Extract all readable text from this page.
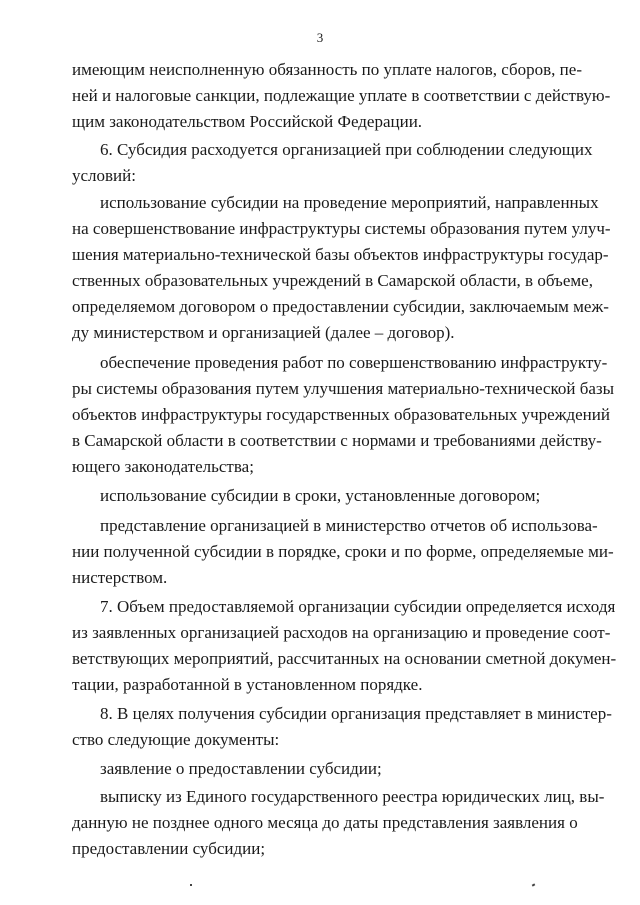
3
имеющим неисполненную обязанность по уплате налогов, сборов, пе-
ней и налоговые санкции, подлежащие уплате в соответствии с действую-
щим законодательством Российской Федерации.
6. Субсидия расходуется организацией при соблюдении следующих
условий:
использование субсидии на проведение мероприятий, направленных
на совершенствование инфраструктуры системы образования путем улуч-
шения материально-технической базы объектов инфраструктуры государ-
ственных образовательных учреждений в Самарской области, в объеме,
определяемом договором о предоставлении субсидии, заключаемым меж-
ду министерством и организацией (далее – договор).
обеспечение проведения работ по совершенствованию инфраструкту-
ры системы образования путем улучшения материально-технической базы
объектов инфраструктуры государственных образовательных учреждений
в Самарской области в соответствии с нормами и требованиями действу-
ющего законодательства;
использование субсидии в сроки, установленные договором;
представление организацией в министерство отчетов об использова-
нии полученной субсидии в порядке, сроки и по форме, определяемые ми-
нистерством.
7. Объем предоставляемой организации субсидии определяется исходя
из заявленных организацией расходов на организацию и проведение соот-
ветствующих мероприятий, рассчитанных на основании сметной докумен-
тации, разработанной в установленном порядке.
8. В целях получения субсидии организация представляет в министер-
ство следующие документы:
заявление о предоставлении субсидии;
выписку из Единого государственного реестра юридических лиц, вы-
данную не позднее одного месяца до даты представления заявления о
предоставлении субсидии;
